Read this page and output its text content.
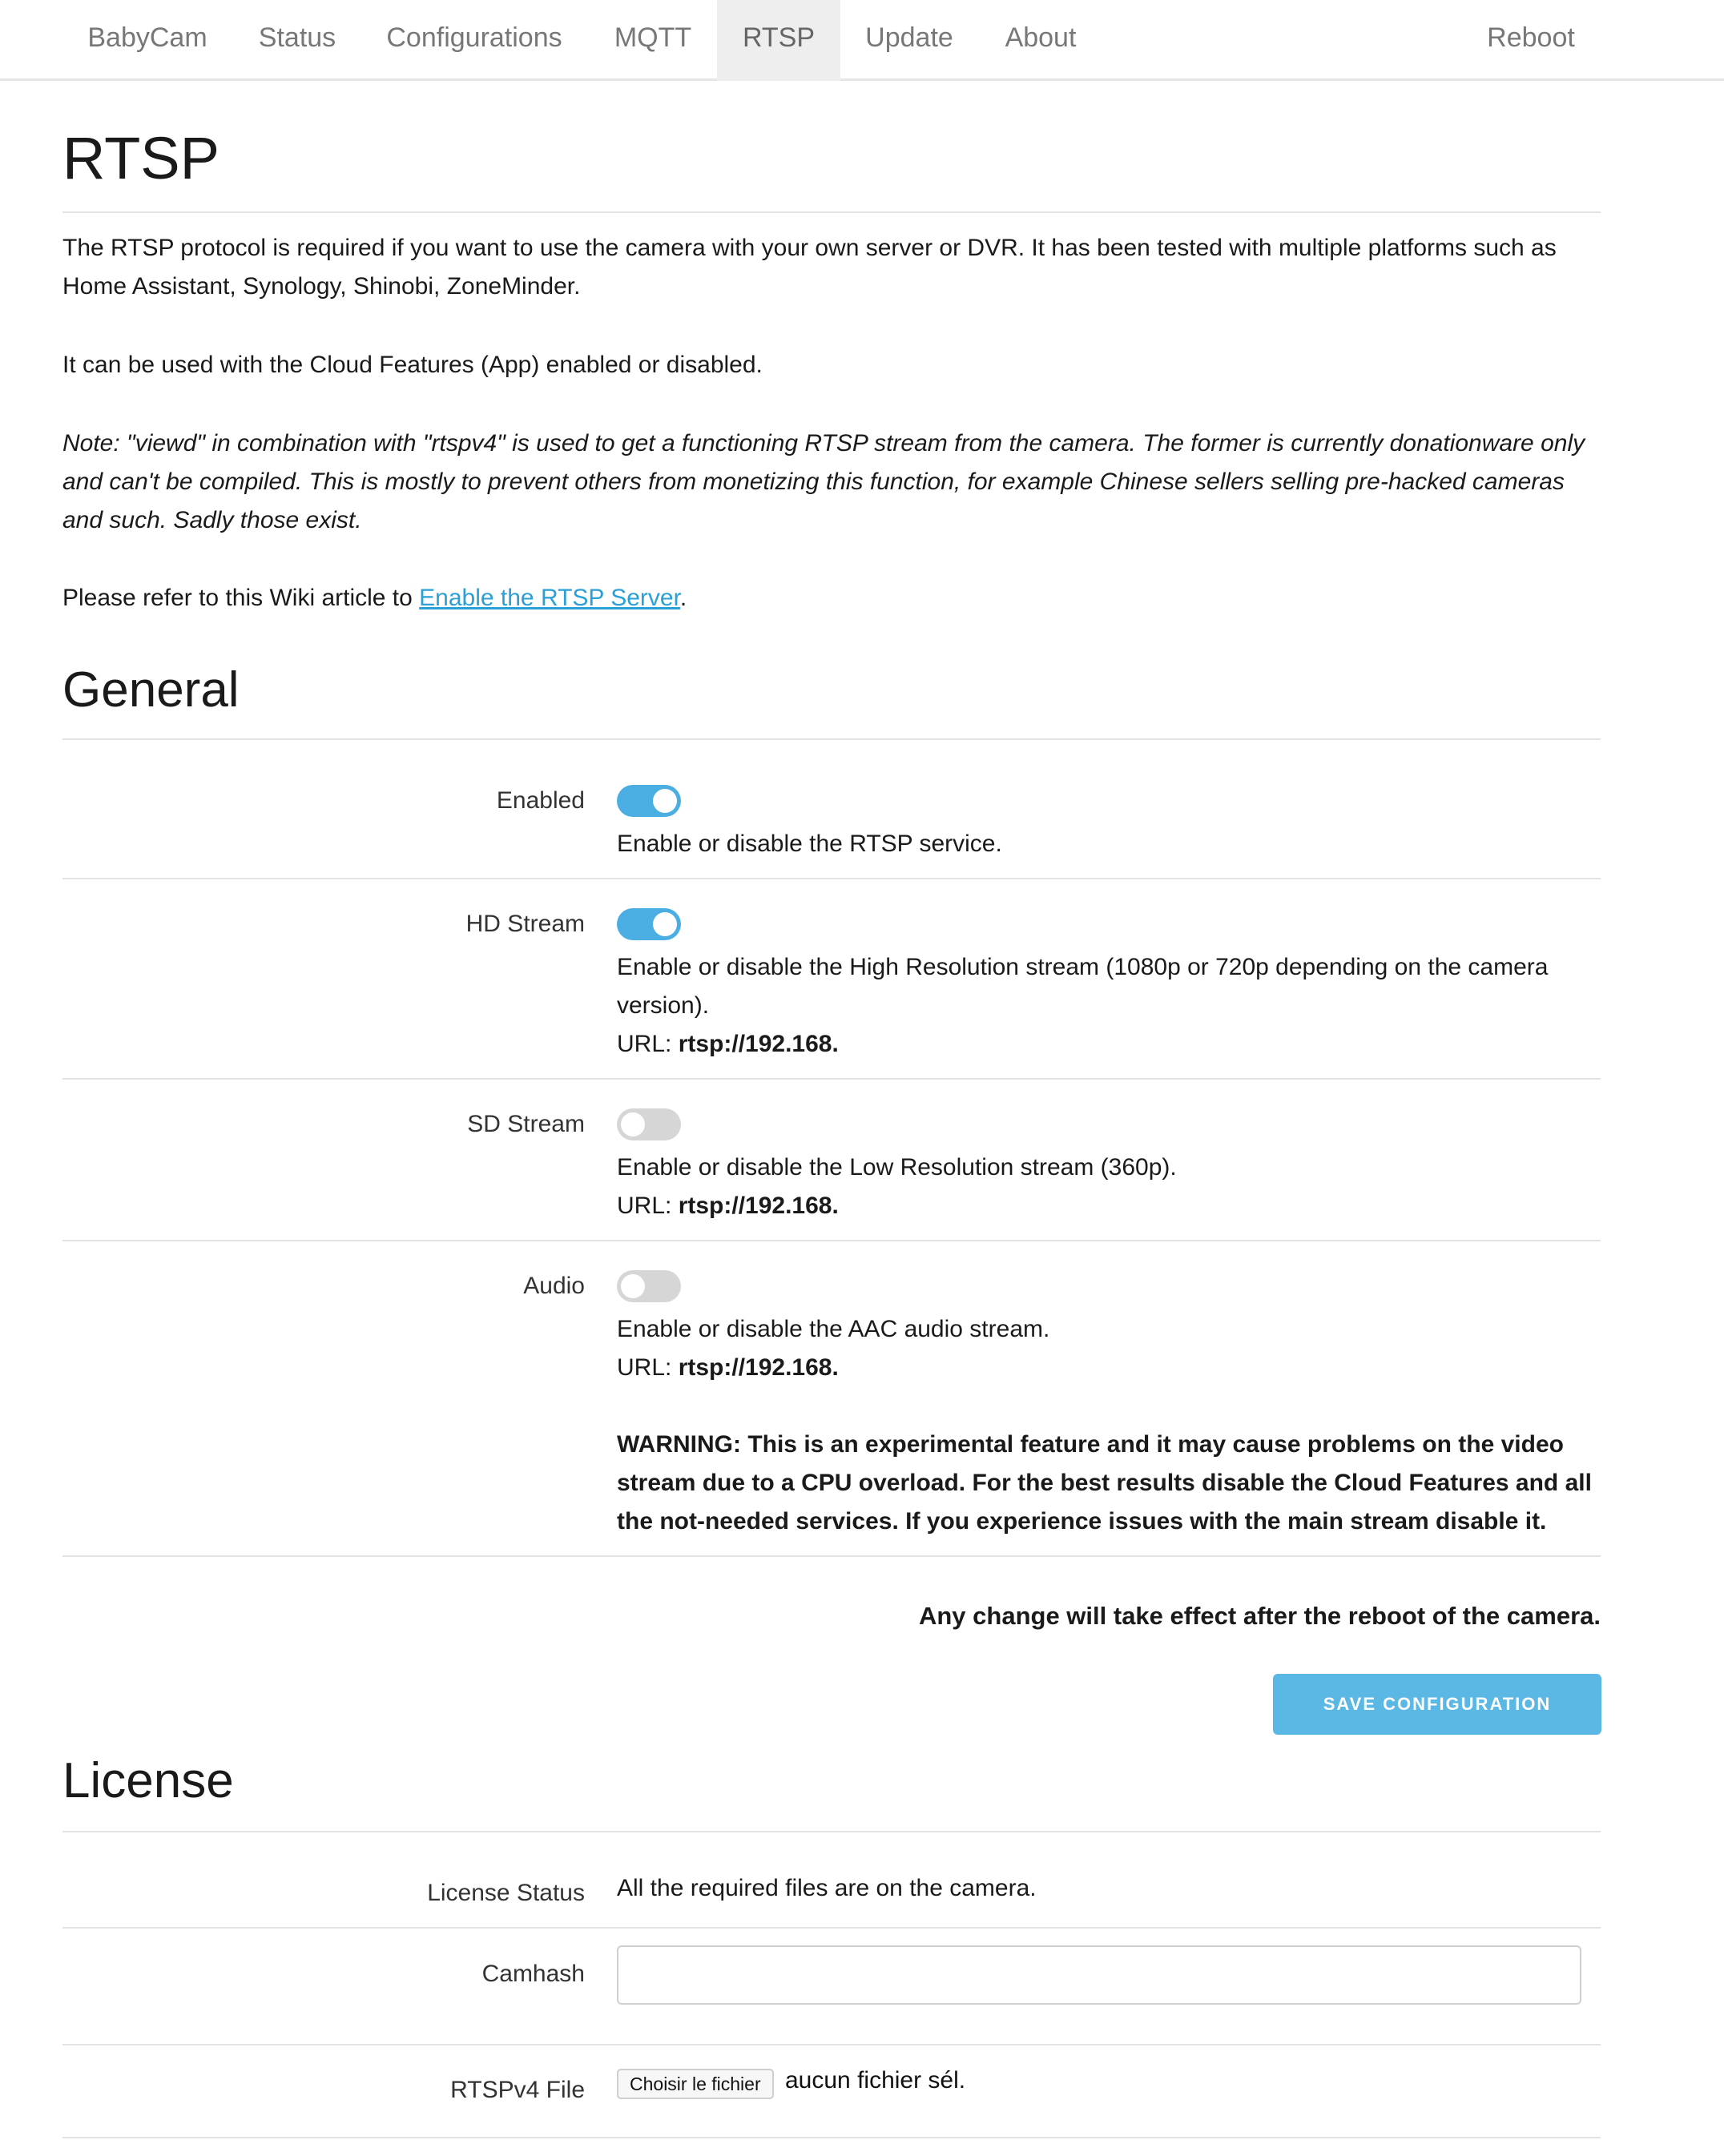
BabyCam	Status	Configurations	MQTT	RTSP	Update	About	Reboot
RTSP
The RTSP protocol is required if you want to use the camera with your own server or DVR. It has been tested with multiple platforms such as Home Assistant, Synology, Shinobi, ZoneMinder.
It can be used with the Cloud Features (App) enabled or disabled.
Note: "viewd" in combination with "rtspv4" is used to get a functioning RTSP stream from the camera. The former is currently donationware only and can't be compiled. This is mostly to prevent others from monetizing this function, for example Chinese sellers selling pre-hacked cameras and such. Sadly those exist.
Please refer to this Wiki article to Enable the RTSP Server.
General
Enabled
Enable or disable the RTSP service.
HD Stream
Enable or disable the High Resolution stream (1080p or 720p depending on the camera version).
URL: rtsp://192.168.
SD Stream
Enable or disable the Low Resolution stream (360p).
URL: rtsp://192.168.
Audio
Enable or disable the AAC audio stream.
URL: rtsp://192.168.
WARNING: This is an experimental feature and it may cause problems on the video stream due to a CPU overload. For the best results disable the Cloud Features and all the not-needed services. If you experience issues with the main stream disable it.
Any change will take effect after the reboot of the camera.
SAVE CONFIGURATION
License
License Status All the required files are on the camera.
Camhash
RTSPv4 File	Choisir le fichier	aucun fichier sél.
